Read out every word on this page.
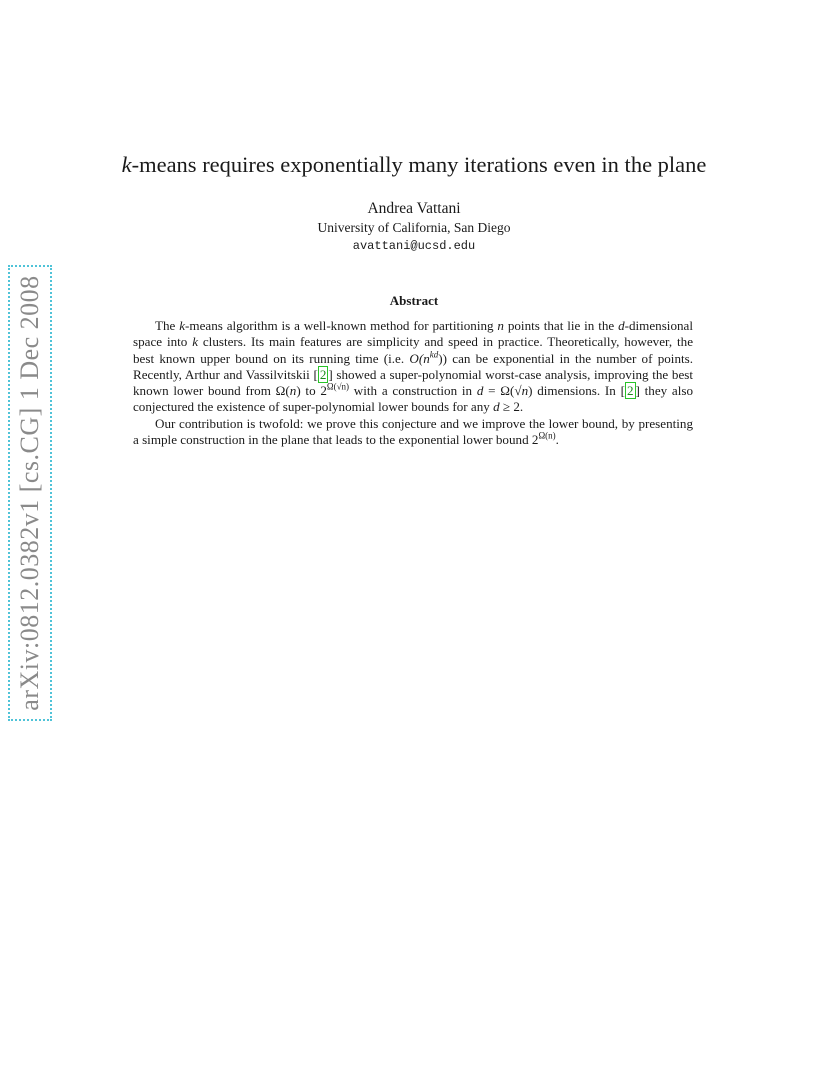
arXiv:0812.0382v1 [cs.CG] 1 Dec 2008
k-means requires exponentially many iterations even in the plane
Andrea Vattani
University of California, San Diego
avattani@ucsd.edu
Abstract

The k-means algorithm is a well-known method for partitioning n points that lie in the d-dimensional space into k clusters. Its main features are simplicity and speed in practice. Theoretically, however, the best known upper bound on its running time (i.e. $O(n^{kd})$) can be exponential in the number of points. Recently, Arthur and Vassilvitskii [ 2 ] showed a super-polynomial worst-case analysis, improving the best known lower bound from Ω(n) to $2^{\Omega(√n)}$ with a construction in d = Ω(√n) dimensions. In [ 2 ] they also conjectured the existence of super-polynomial lower bounds for any d ≥ 2.

Our contribution is twofold: we prove this conjecture and we improve the lower bound, by presenting a simple construction in the plane that leads to the exponential lower bound $2^{\Omega(n)}$.
